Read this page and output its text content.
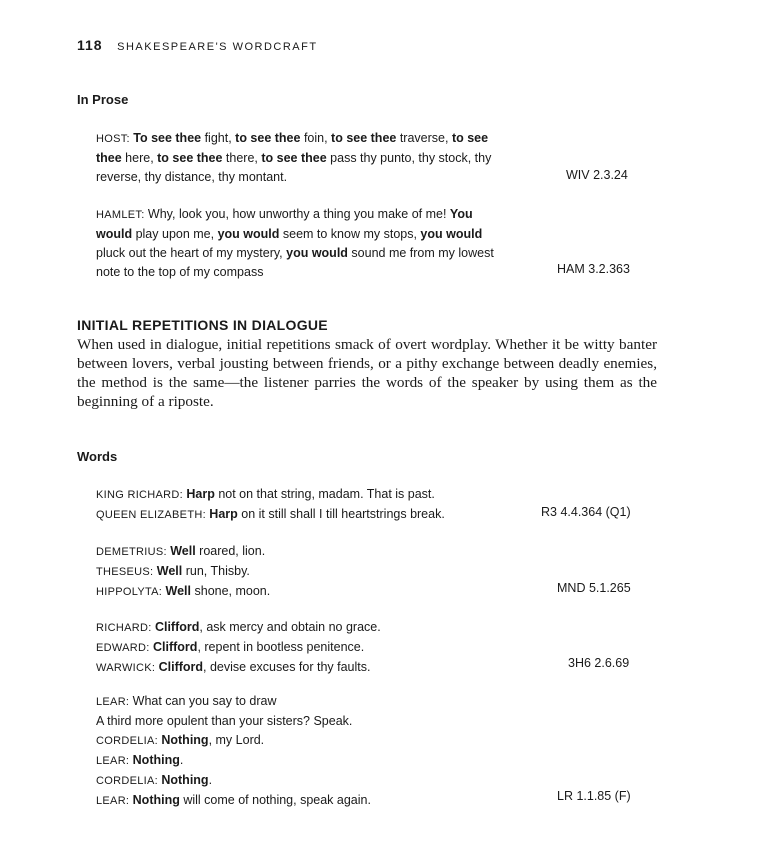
118 SHAKESPEARE'S WORDCRAFT
In Prose
HOST: To see thee fight, to see thee foin, to see thee traverse, to see
thee here, to see thee there, to see thee pass thy punto, thy stock, thy
reverse, thy distance, thy montant.	WIV 2.3.24
HAMLET: Why, look you, how unworthy a thing you make of me! You
would play upon me, you would seem to know my stops, you would
pluck out the heart of my mystery, you would sound me from my lowest
note to the top of my compass	HAM 3.2.363
INITIAL REPETITIONS IN DIALOGUE
When used in dialogue, initial repetitions smack of overt wordplay. Whether it be witty banter
between lovers, verbal jousting between friends, or a pithy exchange between deadly enemies,
the method is the same—the listener parries the words of the speaker by using them as the
beginning of a riposte.
Words
KING RICHARD: Harp not on that string, madam. That is past.
QUEEN ELIZABETH: Harp on it still shall I till heartstrings break.	R3 4.4.364 (Q1)
DEMETRIUS: Well roared, lion.
THESEUS: Well run, Thisby.
HIPPOLYTA: Well shone, moon.	MND 5.1.265
RICHARD: Clifford, ask mercy and obtain no grace.
EDWARD: Clifford, repent in bootless penitence.
WARWICK: Clifford, devise excuses for thy faults.	3H6 2.6.69
LEAR: What can you say to draw
A third more opulent than your sisters? Speak.
CORDELIA: Nothing, my Lord.
LEAR: Nothing.
CORDELIA: Nothing.
LEAR: Nothing will come of nothing, speak again.	LR 1.1.85 (F)
